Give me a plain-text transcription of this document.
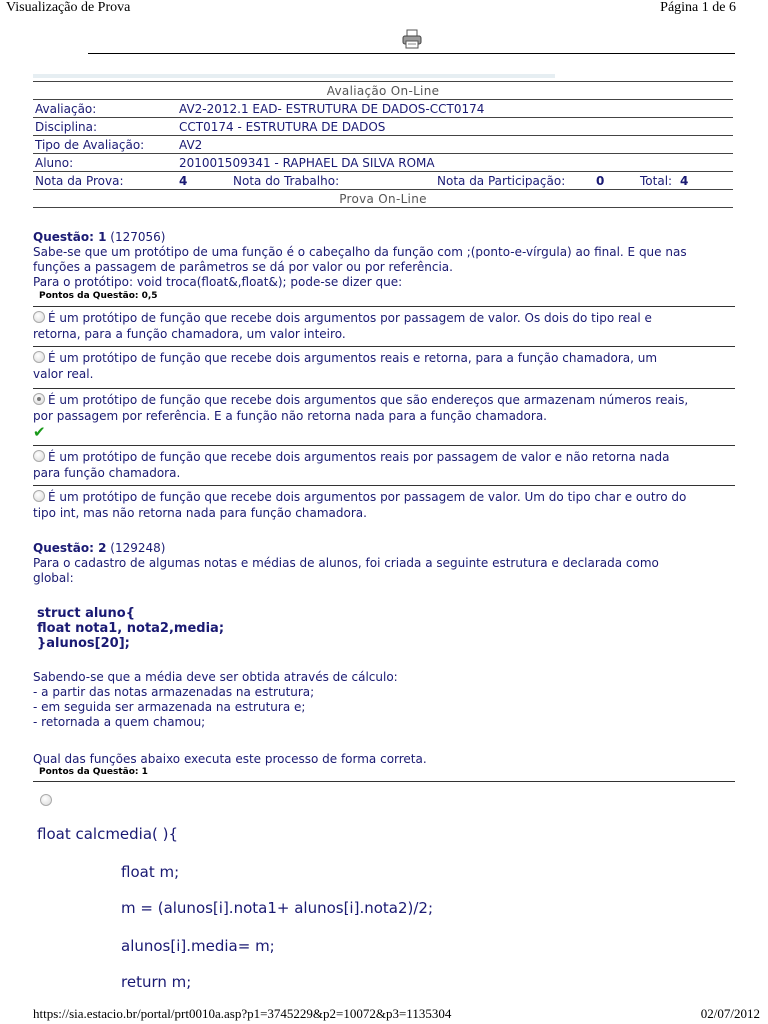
Visualização de Prova	Página 1 de 6
Avaliação On-Line						
Avaliação:	AV2-2012.1 EAD- ESTRUTURA DE DADOS-CCT0174					
Disciplina:	CCT0174 - ESTRUTURA DE DADOS					
Tipo de Avaliação:	AV2					
Aluno:	201001509341 - RAPHAEL DA SILVA ROMA					
Nota da Prova:	4	Nota do Trabalho:	Nota da Participação:	0	Total:	4
Prova On-Line						
Questão: 1 (127056)
Sabe-se que um protótipo de uma função é o cabeçalho da função com ;(ponto-e-vírgula) ao final. E que nas
funções a passagem de parâmetros se dá por valor ou por referência.
Para o protótipo: void troca(float&,float&); pode-se dizer que:
Pontos da Questão: 0,5
É um protótipo de função que recebe dois argumentos por passagem de valor. Os dois do tipo real e
retorna, para a função chamadora, um valor inteiro.
É um protótipo de função que recebe dois argumentos reais e retorna, para a função chamadora, um
valor real.
É um protótipo de função que recebe dois argumentos que são endereços que armazenam números reais,
por passagem por referência. E a função não retorna nada para a função chamadora.
✔
É um protótipo de função que recebe dois argumentos reais por passagem de valor e não retorna nada
para função chamadora.
É um protótipo de função que recebe dois argumentos por passagem de valor. Um do tipo char e outro do
tipo int, mas não retorna nada para função chamadora.
Questão: 2 (129248)
Para o cadastro de algumas notas e médias de alunos, foi criada a seguinte estrutura e declarada como
global:
struct aluno{
float nota1, nota2,media;
}alunos[20];
Sabendo-se que a média deve ser obtida através de cálculo:
- a partir das notas armazenadas na estrutura;
- em seguida ser armazenada na estrutura e;
- retornada a quem chamou;
Qual das funções abaixo executa este processo de forma correta.
Pontos da Questão: 1
float calcmedia( ){
float m;
m = (alunos[i].nota1+ alunos[i].nota2)/2;
alunos[i].media= m;
return m;
https://sia.estacio.br/portal/prt0010a.asp?p1=3745229&p2=10072&p3=1135304	02/07/2012
